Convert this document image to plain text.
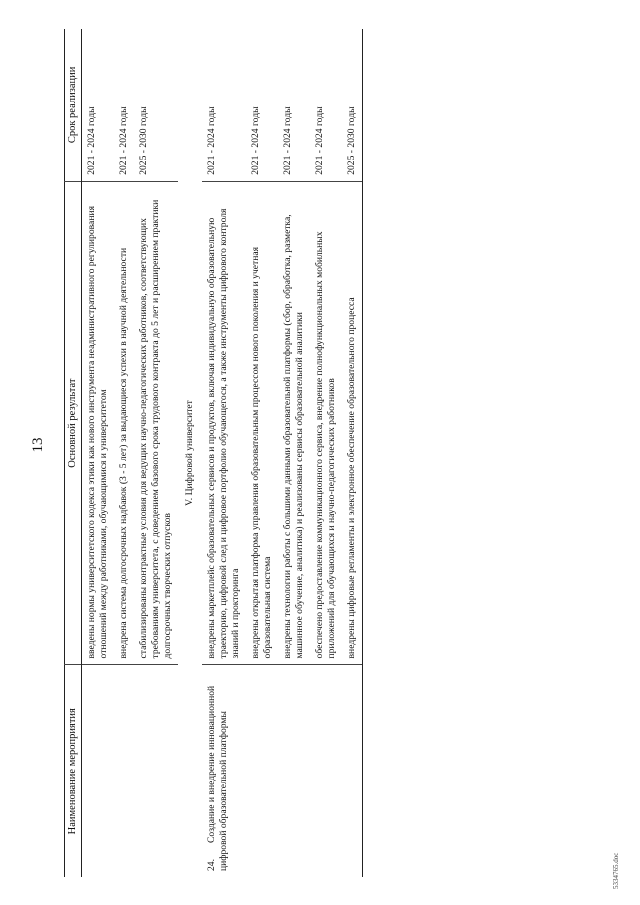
13
Наименование мероприятия	Основной результат	Срок реализации
	введены нормы университетского кодекса этики как нового инструмента неадминистративного регулирования отношений между работниками, обучающимися и университетом	2021 - 2024 годы
	внедрена система долгосрочных надбавок (3 - 5 лет) за выдающиеся успехи в научной деятельности	2021 - 2024 годы
	стабилизированы контрактные условия для ведущих научно-педагогических работников, соответствующих требованиям университета, с доведением базового срока трудового контракта до 5 лет и расширением практики долгосрочных творческих отпусков	2025 - 2030 годы
V. Цифровой университет		
24.Создание и внедрение инновационной цифровой образовательной платформы	внедрены маркетплейс образовательных сервисов и продуктов, включая индивидуальную образовательную траекторию, цифровой след и цифровое портфолио обучающегося, а также инструменты цифрового контроля знаний и прокторинга	2021 - 2024 годы
	внедрены открытая платформа управления образовательным процессом нового поколения и учетная образовательная система	2021 - 2024 годы
	внедрены технологии работы с большими данными образовательной платформы (сбор, обработка, разметка, машинное обучение, аналитика) и реализованы сервисы образовательной аналитики	2021 - 2024 годы
	обеспечено предоставление коммуникационного сервиса, внедрение полнофункциональных мобильных приложений для обучающихся и научно-педагогических работников	2021 - 2024 годы
	внедрены цифровые регламенты и электронное обеспечение образовательного процесса	2025 - 2030 годы
5334765.doc
